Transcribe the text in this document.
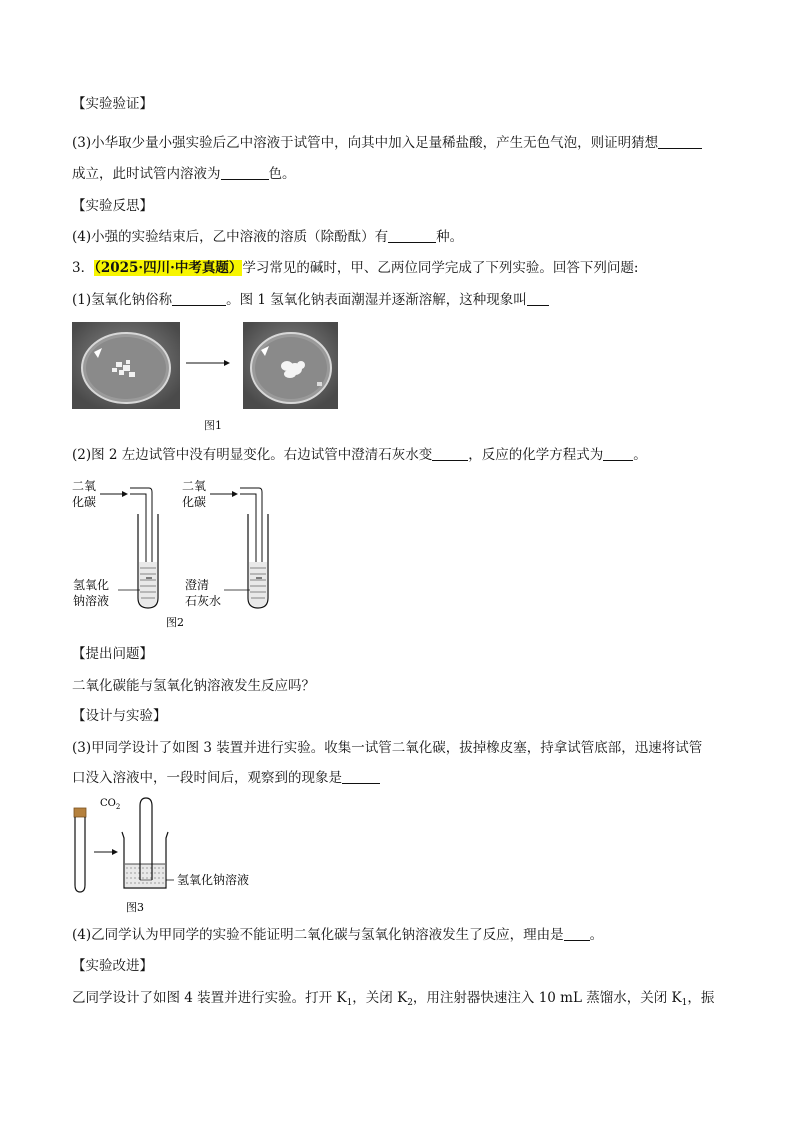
【实验验证】
(3)小华取少量小强实验后乙中溶液于试管中，向其中加入足量稀盐酸，产生无色气泡，则证明猜想
成立，此时试管内溶液为	色。
【实验反思】
(4)小强的实验结束后，乙中溶液的溶质（除酚酞）有	种。
3．（2025·四川·中考真题）学习常见的碱时，甲、乙两位同学完成了下列实验。回答下列问题:
(1)氢氧化钠俗称	。图 1 氢氧化钠表面潮湿并逐渐溶解，这种现象叫
图1
(2)图 2 左边试管中没有明显变化。右边试管中澄清石灰水变	，反应的化学方程式为 。
二氧
化碳
氢氧化
钠溶液
二氧
化碳
澄清
石灰水
图2
【提出问题】
二氧化碳能与氢氧化钠溶液发生反应吗？
【设计与实验】
(3)甲同学设计了如图 3 装置并进行实验。收集一试管二氧化碳，拔掉橡皮塞，持拿试管底部，迅速将试管
口没入溶液中，一段时间后，观察到的现象是
$CO_2$
氢氧化钠溶液
图3
(4)乙同学认为甲同学的实验不能证明二氧化碳与氢氧化钠溶液发生了反应，理由是 。
【实验改进】
乙同学设计了如图 4 装置并进行实验。打开 $K_1$，关闭 $K_2$，用注射器快速注入 10 mL 蒸馏水，关闭 $K_1$，振
